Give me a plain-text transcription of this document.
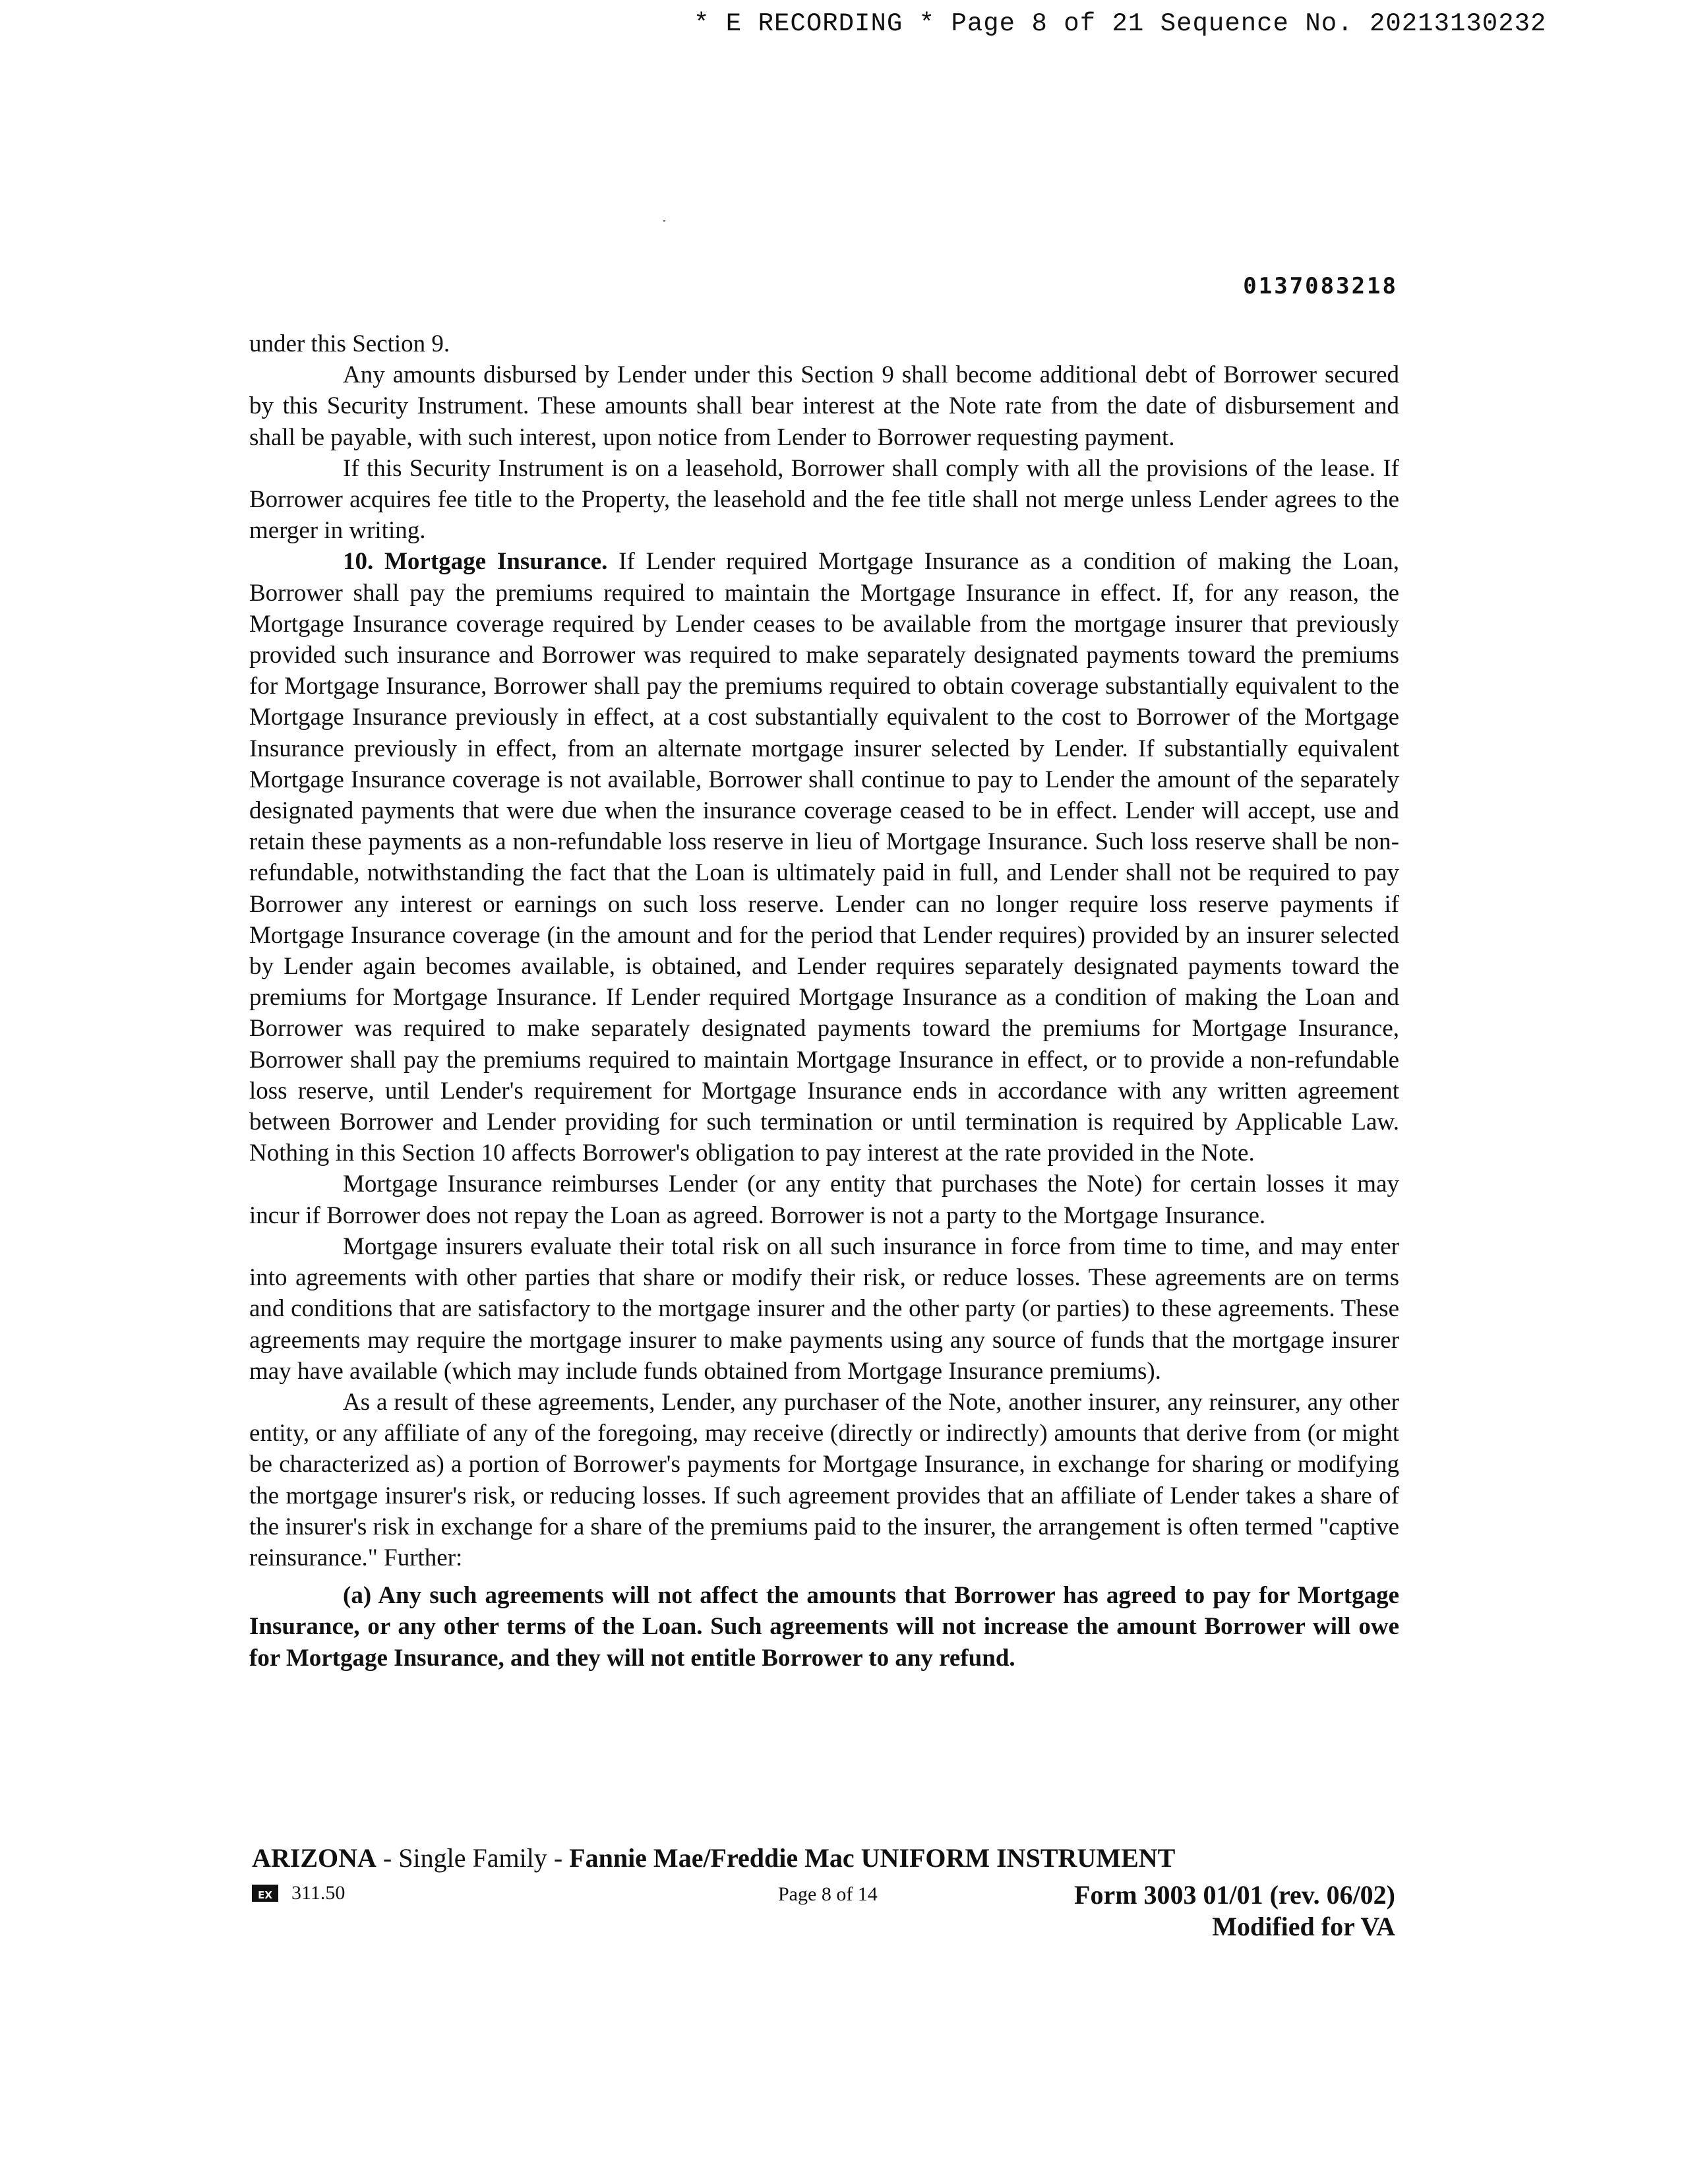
* E RECORDING * Page 8 of 21 Sequence No. 20213130232
0137083218

under this Section 9.

Any amounts disbursed by Lender under this Section 9 shall become additional debt of Borrower secured by this Security Instrument. These amounts shall bear interest at the Note rate from the date of disbursement and shall be payable, with such interest, upon notice from Lender to Borrower requesting payment.

If this Security Instrument is on a leasehold, Borrower shall comply with all the provisions of the lease. If Borrower acquires fee title to the Property, the leasehold and the fee title shall not merge unless Lender agrees to the merger in writing.

10. Mortgage Insurance. If Lender required Mortgage Insurance as a condition of making the Loan, Borrower shall pay the premiums required to maintain the Mortgage Insurance in effect. If, for any reason, the Mortgage Insurance coverage required by Lender ceases to be available from the mortgage insurer that previously provided such insurance and Borrower was required to make separately designated payments toward the premiums for Mortgage Insurance, Borrower shall pay the premiums required to obtain coverage substantially equivalent to the Mortgage Insurance previously in effect, at a cost substantially equivalent to the cost to Borrower of the Mortgage Insurance previously in effect, from an alternate mortgage insurer selected by Lender. If substantially equivalent Mortgage Insurance coverage is not available, Borrower shall continue to pay to Lender the amount of the separately designated payments that were due when the insurance coverage ceased to be in effect. Lender will accept, use and retain these payments as a non-refundable loss reserve in lieu of Mortgage Insurance. Such loss reserve shall be non-refundable, notwithstanding the fact that the Loan is ultimately paid in full, and Lender shall not be required to pay Borrower any interest or earnings on such loss reserve. Lender can no longer require loss reserve payments if Mortgage Insurance coverage (in the amount and for the period that Lender requires) provided by an insurer selected by Lender again becomes available, is obtained, and Lender requires separately designated payments toward the premiums for Mortgage Insurance. If Lender required Mortgage Insurance as a condition of making the Loan and Borrower was required to make separately designated payments toward the premiums for Mortgage Insurance, Borrower shall pay the premiums required to maintain Mortgage Insurance in effect, or to provide a non-refundable loss reserve, until Lender's requirement for Mortgage Insurance ends in accordance with any written agreement between Borrower and Lender providing for such termination or until termination is required by Applicable Law. Nothing in this Section 10 affects Borrower's obligation to pay interest at the rate provided in the Note.

Mortgage Insurance reimburses Lender (or any entity that purchases the Note) for certain losses it may incur if Borrower does not repay the Loan as agreed. Borrower is not a party to the Mortgage Insurance.

Mortgage insurers evaluate their total risk on all such insurance in force from time to time, and may enter into agreements with other parties that share or modify their risk, or reduce losses. These agreements are on terms and conditions that are satisfactory to the mortgage insurer and the other party (or parties) to these agreements. These agreements may require the mortgage insurer to make payments using any source of funds that the mortgage insurer may have available (which may include funds obtained from Mortgage Insurance premiums).

As a result of these agreements, Lender, any purchaser of the Note, another insurer, any reinsurer, any other entity, or any affiliate of any of the foregoing, may receive (directly or indirectly) amounts that derive from (or might be characterized as) a portion of Borrower's payments for Mortgage Insurance, in exchange for sharing or modifying the mortgage insurer's risk, or reducing losses. If such agreement provides that an affiliate of Lender takes a share of the insurer's risk in exchange for a share of the premiums paid to the insurer, the arrangement is often termed "captive reinsurance." Further:

(a) Any such agreements will not affect the amounts that Borrower has agreed to pay for Mortgage Insurance, or any other terms of the Loan. Such agreements will not increase the amount Borrower will owe for Mortgage Insurance, and they will not entitle Borrower to any refund.

ARIZONA - Single Family - Fannie Mae/Freddie Mac UNIFORM INSTRUMENT
EX 311.50	Page 8 of 14	Form 3003 01/01 (rev. 06/02)
Modified for VA
